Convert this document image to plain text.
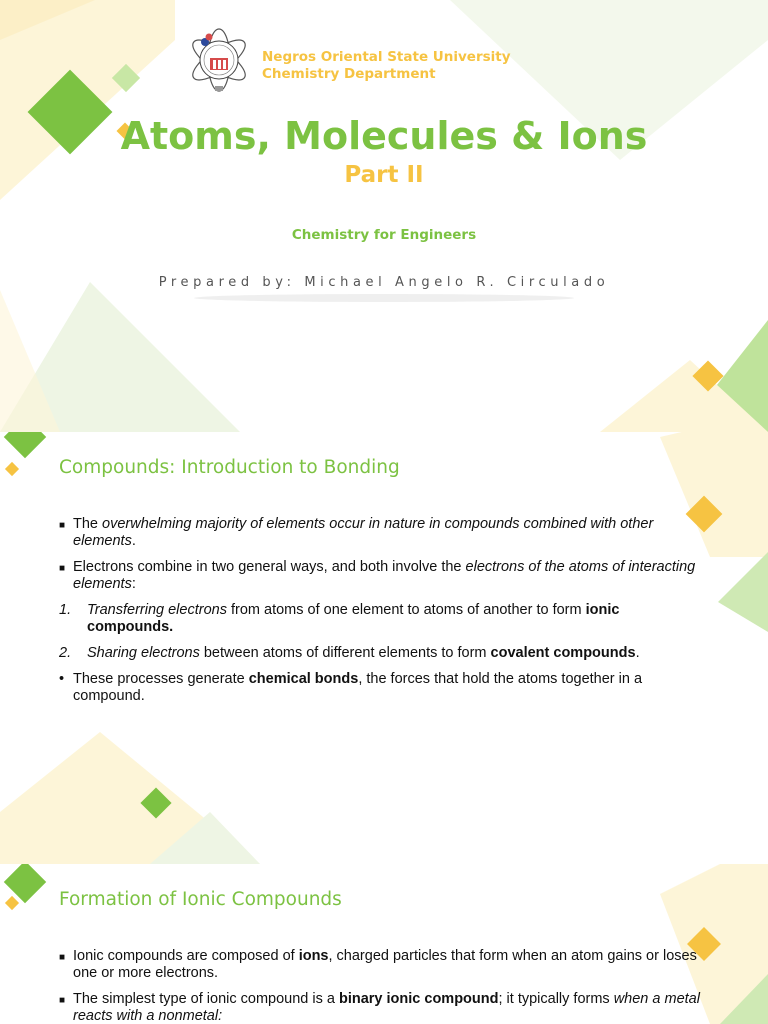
Negros Oriental State University
Chemistry Department
Atoms, Molecules & Ions
Part II
Chemistry for Engineers
Prepared by: Michael Angelo R. Circulado
Compounds: Introduction to Bonding
■ The overwhelming majority of elements occur in nature in compounds combined with other elements.
■ Electrons combine in two general ways, and both involve the electrons of the atoms of interacting elements:
1. Transferring electrons from atoms of one element to atoms of another to form ionic compounds.
2. Sharing electrons between atoms of different elements to form covalent compounds.
• These processes generate chemical bonds, the forces that hold the atoms together in a compound.
Formation of Ionic Compounds
■ Ionic compounds are composed of ions, charged particles that form when an atom gains or loses one or more electrons.
■ The simplest type of ionic compound is a binary ionic compound; it typically forms when a metal reacts with a nonmetal:
